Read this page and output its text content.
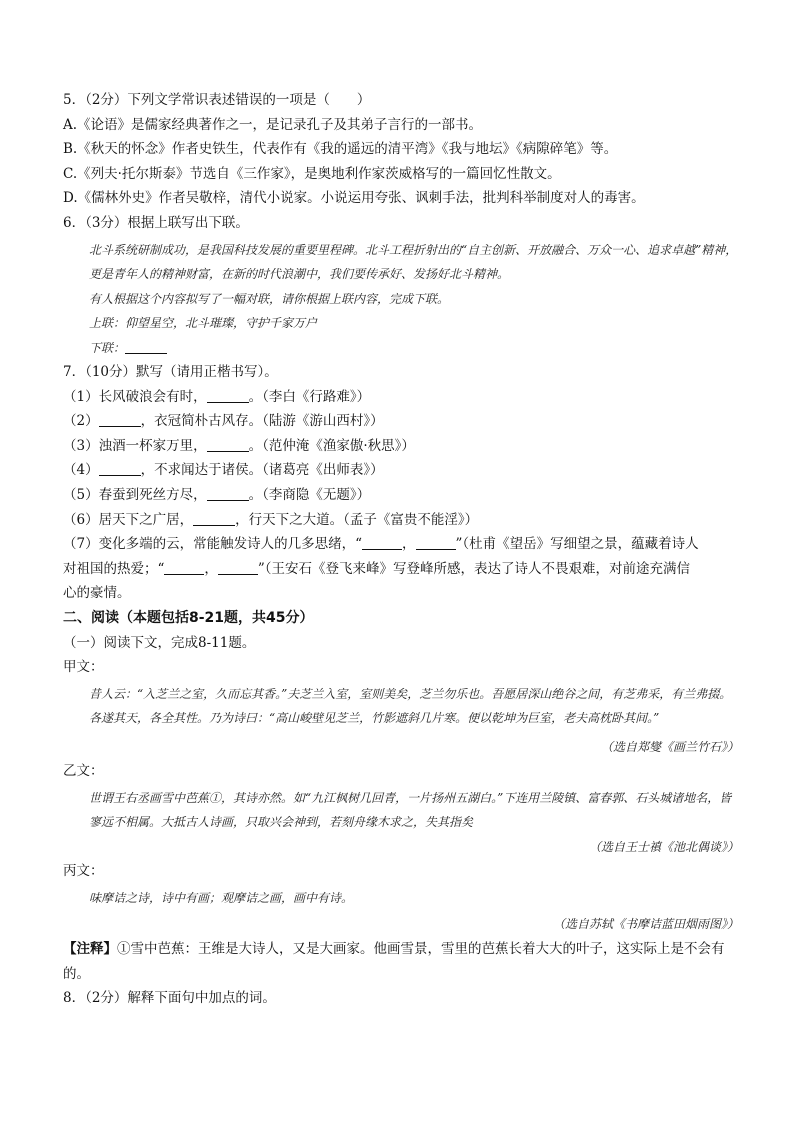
5．（2分）下列文学常识表述错误的一项是（　　）
A.《论语》是儒家经典著作之一，是记录孔子及其弟子言行的一部书。
B.《秋天的怀念》作者史铁生，代表作有《我的遥远的清平湾》《我与地坛》《病隙碎笔》等。
C.《列夫·托尔斯泰》节选自《三作家》，是奥地利作家茨威格写的一篇回忆性散文。
D.《儒林外史》作者吴敬梓，清代小说家。小说运用夸张、讽刺手法，批判科举制度对人的毒害。
6．（3分）根据上联写出下联。
北斗系统研制成功，是我国科技发展的重要里程碑。北斗工程折射出的“自主创新、开放融合、万众一心、追求卓越”精神，更是青年人的精神财富，在新的时代浪潮中，我们要传承好、发扬好北斗精神。
有人根据这个内容拟写了一幅对联，请你根据上联内容，完成下联。
上联：仰望星空，北斗璀璨，守护千家万户
下联：
7．（10分）默写（请用正楷书写）。
（1）长风破浪会有时，	。（李白《行路难》）
（2）	，衣冠简朴古风存。（陆游《游山西村》）
（3）浊酒一杯家万里，	。（范仲淹《渔家傲·秋思》）
（4）	，不求闻达于诸侯。（诸葛亮《出师表》）
（5）春蚕到死丝方尽，	。（李商隐《无题》）
（6）居天下之广居，	，行天下之大道。（孟子《富贵不能淫》）
（7）变化多端的云，常能触发诗人的几多思绪，“	，	”（杜甫《望岳》写细望之景，蕴藏着诗人
对祖国的热爱；“	，	”（王安石《登飞来峰》写登峰所感，表达了诗人不畏艰难，对前途充满信
心的豪情。
二、阅读（本题包括8-21题，共45分）
（一）阅读下文，完成8-11题。
甲文：
昔人云：“入芝兰之室，久而忘其香。”夫芝兰入室，室则美矣，芝兰勿乐也。吾愿居深山绝谷之间，有芝弗采，有兰弗掇。各遂其天，各全其性。乃为诗曰：“高山峻壁见芝兰，竹影遮斜几片寒。便以乾坤为巨室，老夫高枕卧其间。”
（选自郑燮《画兰竹石》）
乙文：
世谓王右丞画雪中芭蕉①，其诗亦然。如“九江枫树几回青，一片扬州五湖白。”下连用兰陵镇、富春郭、石头城诸地名，皆寥远不相属。大抵古人诗画，只取兴会神到，若刻舟缘木求之，失其指矣
（选自王士禛《池北偶谈》）
丙文：
味摩诘之诗，诗中有画；观摩诘之画，画中有诗。
（选自苏轼《书摩诘蓝田烟雨图》）
【注释】①雪中芭蕉：王维是大诗人，又是大画家。他画雪景，雪里的芭蕉长着大大的叶子，这实际上是不会有的。
8．（2分）解释下面句中加点的词。
